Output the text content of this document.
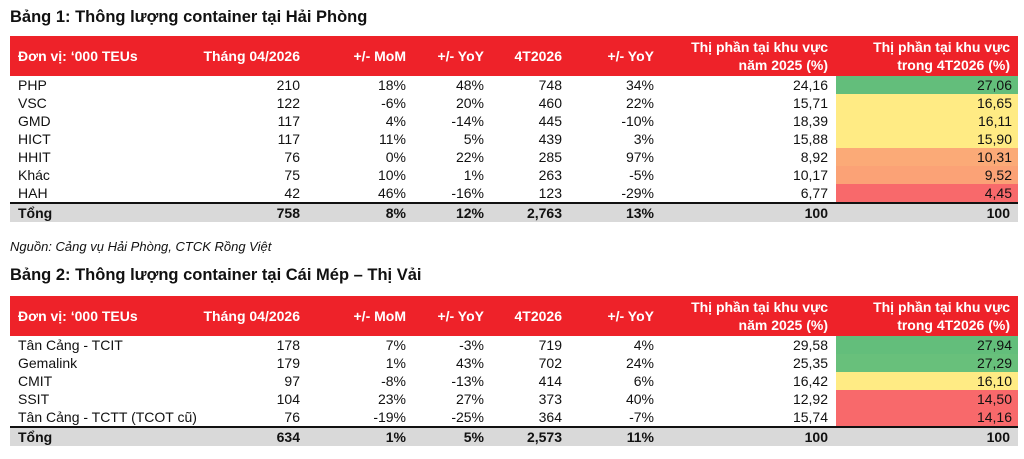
Bảng 1: Thông lượng container tại Hải Phòng
Đơn vị: ‘000 TEUs	Tháng 04/2026	+/- MoM	+/- YoY	4T2026	+/- YoY	Thị phần tại khu vực năm 2025 (%)	Thị phần tại khu vực trong 4T2026 (%)
PHP	210	18%	48%	748	34%	24,16	27,06
VSC	122	-6%	20%	460	22%	15,71	16,65
GMD	117	4%	-14%	445	-10%	18,39	16,11
HICT	117	11%	5%	439	3%	15,88	15,90
HHIT	76	0%	22%	285	97%	8,92	10,31
Khác	75	10%	1%	263	-5%	10,17	9,52
HAH	42	46%	-16%	123	-29%	6,77	4,45
Tổng	758	8%	12%	2,763	13%	100	100
Nguồn: Cảng vụ Hải Phòng, CTCK Rồng Việt
Bảng 2: Thông lượng container tại Cái Mép – Thị Vải
Đơn vị: ‘000 TEUs	Tháng 04/2026	+/- MoM	+/- YoY	4T2026	+/- YoY	Thị phần tại khu vực năm 2025 (%)	Thị phần tại khu vực trong 4T2026 (%)
Tân Cảng - TCIT	178	7%	-3%	719	4%	29,58	27,94
Gemalink	179	1%	43%	702	24%	25,35	27,29
CMIT	97	-8%	-13%	414	6%	16,42	16,10
SSIT	104	23%	27%	373	40%	12,92	14,50
Tân Cảng - TCTT (TCOT cũ)	76	-19%	-25%	364	-7%	15,74	14,16
Tổng	634	1%	5%	2,573	11%	100	100
